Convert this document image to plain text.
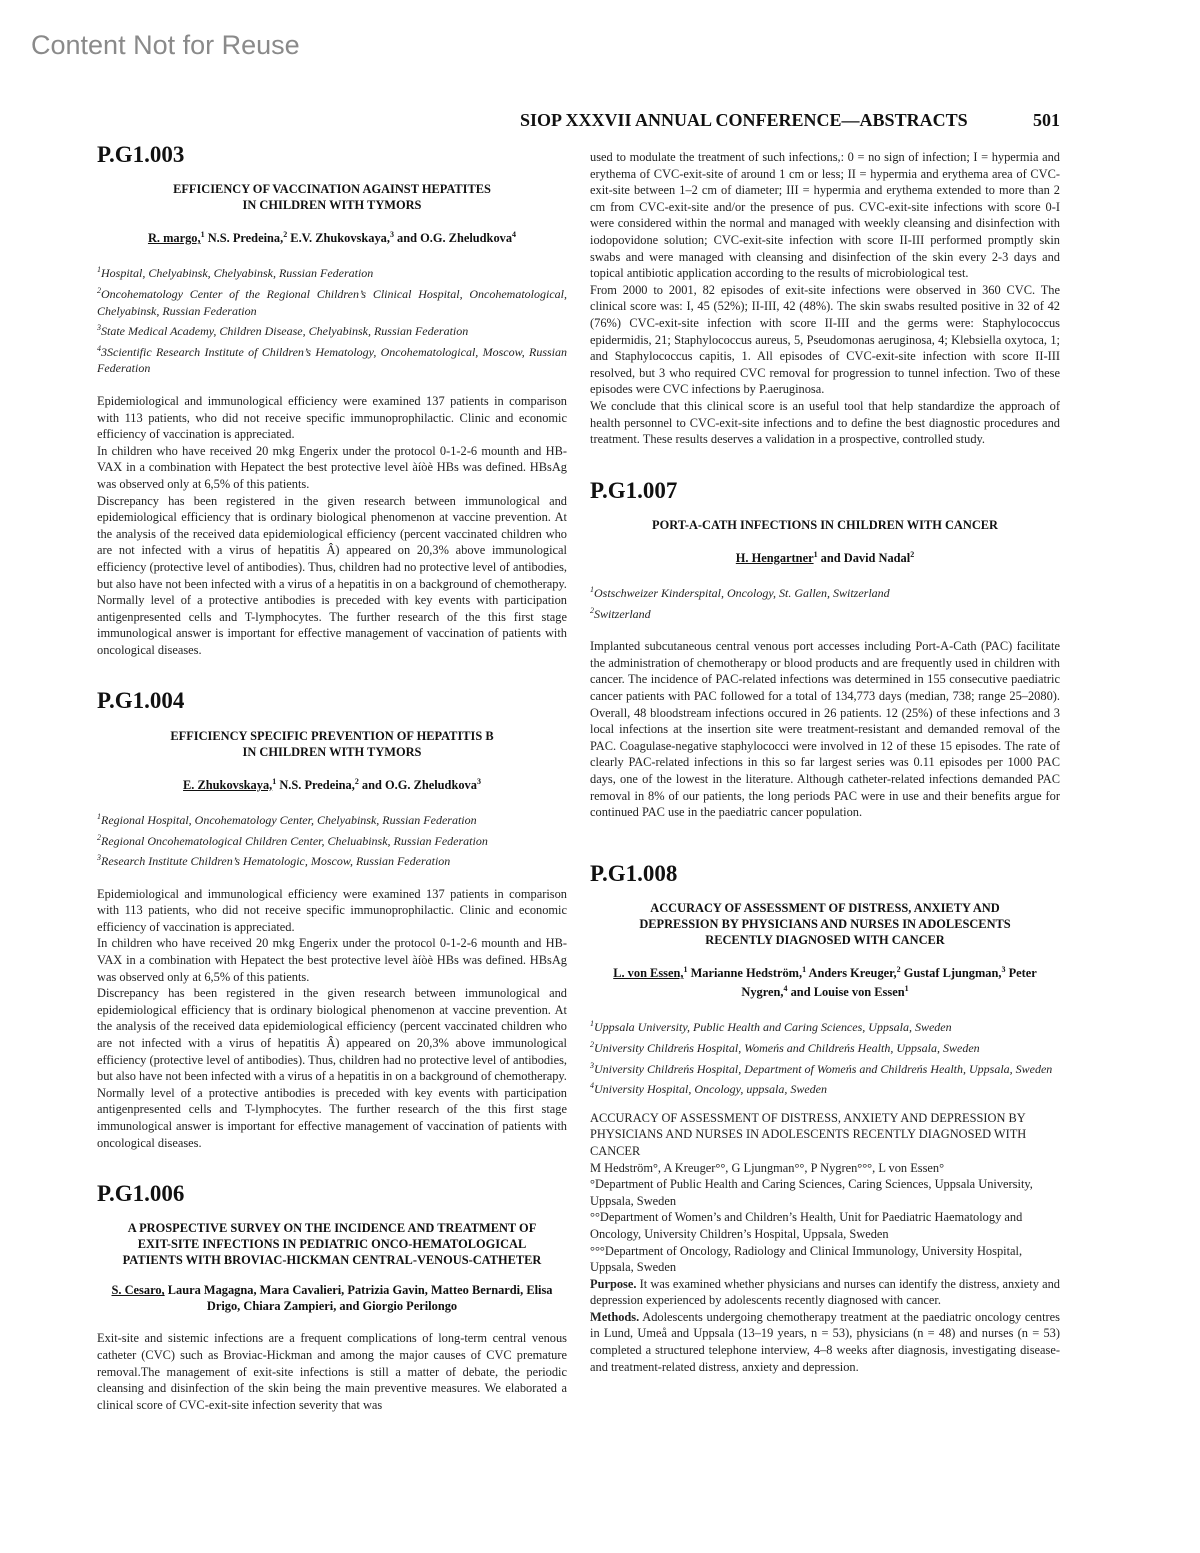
Content Not for Reuse
SIOP XXXVII ANNUAL CONFERENCE—ABSTRACTS	501
P.G1.003
EFFICIENCY OF VACCINATION AGAINST HEPATITES
IN CHILDREN WITH TYMORS
R. margo,$^1$ N.S. Predeina,$^2$ E.V. Zhukovskaya,$^3$ and O.G. Zheludkova$^4$
$^1$Hospital, Chelyabinsk, Chelyabinsk, Russian Federation
$^2$Oncohematology Center of the Regional Children’s Clinical Hospital, Oncohematological, Chelyabinsk, Russian Federation
$^3$State Medical Academy, Children Disease, Chelyabinsk, Russian Federation
$^4$3Scientific Research Institute of Children’s Hematology, Oncohematological, Moscow, Russian Federation

Epidemiological and immunological efficiency were examined 137 patients in comparison with 113 patients, who did not receive specific immunoprophilactic. Clinic and economic efficiency of vaccination is appreciated.

In children who have received 20 mkg Engerix under the protocol 0-1-2-6 mounth and HB-VAX in a combination with Hepatect the best protective level àíòè HBs was defined. HBsAg was observed only at 6,5% of this patients.

Discrepancy has been registered in the given research between immunological and epidemiological efficiency that is ordinary biological phenomenon at vaccine prevention. At the analysis of the received data epidemiological efficiency (percent vaccinated children who are not infected with a virus of hepatitis Â) appeared on 20,3% above immunological efficiency (protective level of antibodies). Thus, children had no protective level of antibodies, but also have not been infected with a virus of a hepatitis in on a background of chemotherapy.

Normally level of a protective antibodies is preceded with key events with participation antigenpresented cells and T-lymphocytes. The further research of the this first stage immunological answer is important for effective management of vaccination of patients with oncological diseases.

P.G1.004
EFFICIENCY SPECIFIC PREVENTION OF HEPATITIS B
IN CHILDREN WITH TYMORS
E. Zhukovskaya,$^1$ N.S. Predeina,$^2$ and O.G. Zheludkova$^3$
$^1$Regional Hospital, Oncohematology Center, Chelyabinsk, Russian Federation
$^2$Regional Oncohematological Children Center, Cheluabinsk, Russian Federation
$^3$Research Institute Children’s Hematologic, Moscow, Russian Federation

Epidemiological and immunological efficiency were examined 137 patients in comparison with 113 patients, who did not receive specific immunoprophilactic. Clinic and economic efficiency of vaccination is appreciated.

In children who have received 20 mkg Engerix under the protocol 0-1-2-6 mounth and HB-VAX in a combination with Hepatect the best protective level àíòè HBs was defined. HBsAg was observed only at 6,5% of this patients.

Discrepancy has been registered in the given research between immunological and epidemiological efficiency that is ordinary biological phenomenon at vaccine prevention. At the analysis of the received data epidemiological efficiency (percent vaccinated children who are not infected with a virus of hepatitis Â) appeared on 20,3% above immunological efficiency (protective level of antibodies). Thus, children had no protective level of antibodies, but also have not been infected with a virus of a hepatitis in on a background of chemotherapy.

Normally level of a protective antibodies is preceded with key events with participation antigenpresented cells and T-lymphocytes. The further research of the this first stage immunological answer is important for effective management of vaccination of patients with oncological diseases.

P.G1.006
A PROSPECTIVE SURVEY ON THE INCIDENCE AND TREATMENT OF
EXIT-SITE INFECTIONS IN PEDIATRIC ONCO-HEMATOLOGICAL
PATIENTS WITH BROVIAC-HICKMAN CENTRAL-VENOUS-CATHETER
S. Cesaro, Laura Magagna, Mara Cavalieri, Patrizia Gavin, Matteo Bernardi, Elisa Drigo, Chiara Zampieri, and Giorgio Perilongo

Exit-site and sistemic infections are a frequent complications of long-term central venous catheter (CVC) such as Broviac-Hickman and among the major causes of CVC premature removal.The management of exit-site infections is still a matter of debate, the periodic cleansing and disinfection of the skin being the main preventive measures. We elaborated a clinical score of CVC-exit-site infection severity that was

used to modulate the treatment of such infections,: 0 = no sign of infection; I = hypermia and erythema of CVC-exit-site of around 1 cm or less; II = hypermia and erythema area of CVC-exit-site between 1–2 cm of diameter; III = hypermia and erythema extended to more than 2 cm from CVC-exit-site and/or the presence of pus. CVC-exit-site infections with score 0-I were considered within the normal and managed with weekly cleansing and disinfection with iodopovidone solution; CVC-exit-site infection with score II-III performed promptly skin swabs and were managed with cleansing and disinfection of the skin every 2-3 days and topical antibiotic application according to the results of microbiological test.

From 2000 to 2001, 82 episodes of exit-site infections were observed in 360 CVC. The clinical score was: I, 45 (52%); II-III, 42 (48%). The skin swabs resulted positive in 32 of 42 (76%) CVC-exit-site infection with score II-III and the germs were: Staphylococcus epidermidis, 21; Staphylococcus aureus, 5, Pseudomonas aeruginosa, 4; Klebsiella oxytoca, 1; and Staphylococcus capitis, 1. All episodes of CVC-exit-site infection with score II-III resolved, but 3 who required CVC removal for progression to tunnel infection. Two of these episodes were CVC infections by P.aeruginosa.

We conclude that this clinical score is an useful tool that help standardize the approach of health personnel to CVC-exit-site infections and to define the best diagnostic procedures and treatment. These results deserves a validation in a prospective, controlled study.

P.G1.007
PORT-A-CATH INFECTIONS IN CHILDREN WITH CANCER
H. Hengartner$^1$ and David Nadal$^2$
$^1$Ostschweizer Kinderspital, Oncology, St. Gallen, Switzerland
$^2$Switzerland

Implanted subcutaneous central venous port accesses including Port-A-Cath (PAC) facilitate the administration of chemotherapy or blood products and are frequently used in children with cancer. The incidence of PAC-related infections was determined in 155 consecutive paediatric cancer patients with PAC followed for a total of 134,773 days (median, 738; range 25–2080). Overall, 48 bloodstream infections occured in 26 patients. 12 (25%) of these infections and 3 local infections at the insertion site were treatment-resistant and demanded removal of the PAC. Coagulase-negative staphylococci were involved in 12 of these 15 episodes. The rate of clearly PAC-related infections in this so far largest series was 0.11 episodes per 1000 PAC days, one of the lowest in the literature. Although catheter-related infections demanded PAC removal in 8% of our patients, the long periods PAC were in use and their benefits argue for continued PAC use in the paediatric cancer population.

P.G1.008
ACCURACY OF ASSESSMENT OF DISTRESS, ANXIETY AND
DEPRESSION BY PHYSICIANS AND NURSES IN ADOLESCENTS
RECENTLY DIAGNOSED WITH CANCER
L. von Essen,$^1$ Marianne Hedström,$^1$ Anders Kreuger,$^2$ Gustaf Ljungman,$^3$ Peter Nygren,$^4$ and Louise von Essen$^1$
$^1$Uppsala University, Public Health and Caring Sciences, Uppsala, Sweden
$^2$University Childreńs Hospital, Womeńs and Childreńs Health, Uppsala, Sweden
$^3$University Childreńs Hospital, Department of Womeńs and Childreńs Health, Uppsala, Sweden
$^4$University Hospital, Oncology, uppsala, Sweden

ACCURACY OF ASSESSMENT OF DISTRESS, ANXIETY AND DEPRESSION BY PHYSICIANS AND NURSES IN ADOLESCENTS RECENTLY DIAGNOSED WITH CANCER

M Hedström°, A Kreuger°°, G Ljungman°°, P Nygren°°°, L von Essen°

°Department of Public Health and Caring Sciences, Caring Sciences, Uppsala University, Uppsala, Sweden

°°Department of Women’s and Children’s Health, Unit for Paediatric Haematology and Oncology, University Children’s Hospital, Uppsala, Sweden

°°°Department of Oncology, Radiology and Clinical Immunology, University Hospital, Uppsala, Sweden

Purpose. It was examined whether physicians and nurses can identify the distress, anxiety and depression experienced by adolescents recently diagnosed with cancer.

Methods. Adolescents undergoing chemotherapy treatment at the paediatric oncology centres in Lund, Umeå and Uppsala (13–19 years, n = 53), physicians (n = 48) and nurses (n = 53) completed a structured telephone interview, 4–8 weeks after diagnosis, investigating disease- and treatment-related distress, anxiety and depression.
